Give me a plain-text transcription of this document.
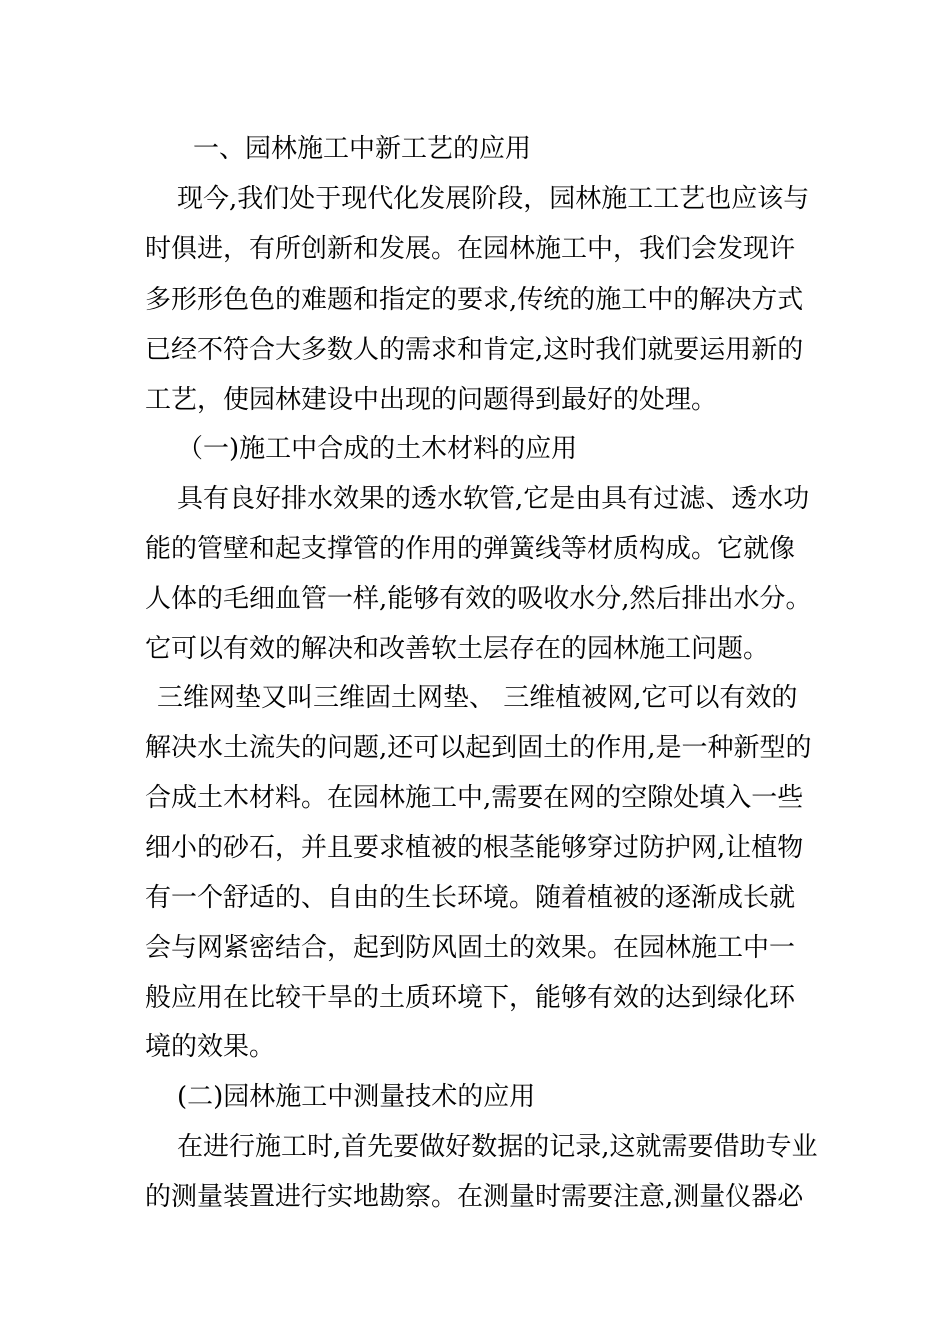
一、园林施工中新工艺的应用
现今,我们处于现代化发展阶段，园林施工工艺也应该与
时俱进，有所创新和发展。在园林施工中，我们会发现许
多形形色色的难题和指定的要求,传统的施工中的解决方式
已经不符合大多数人的需求和肯定,这时我们就要运用新的
工艺，使园林建设中出现的问题得到最好的处理。
（一)施工中合成的土木材料的应用
具有良好排水效果的透水软管,它是由具有过滤、透水功
能的管壁和起支撑管的作用的弹簧线等材质构成。它就像
人体的毛细血管一样,能够有效的吸收水分,然后排出水分。
它可以有效的解决和改善软土层存在的园林施工问题。
三维网垫又叫三维固土网垫、 三维植被网,它可以有效的
解决水土流失的问题,还可以起到固土的作用,是一种新型的
合成土木材料。在园林施工中,需要在网的空隙处填入一些
细小的砂石，并且要求植被的根茎能够穿过防护网,让植物
有一个舒适的、自由的生长环境。随着植被的逐渐成长就
会与网紧密结合，起到防风固土的效果。在园林施工中一
般应用在比较干旱的土质环境下，能够有效的达到绿化环
境的效果。
(二)园林施工中测量技术的应用
在进行施工时,首先要做好数据的记录,这就需要借助专业
的测量装置进行实地勘察。在测量时需要注意,测量仪器必
